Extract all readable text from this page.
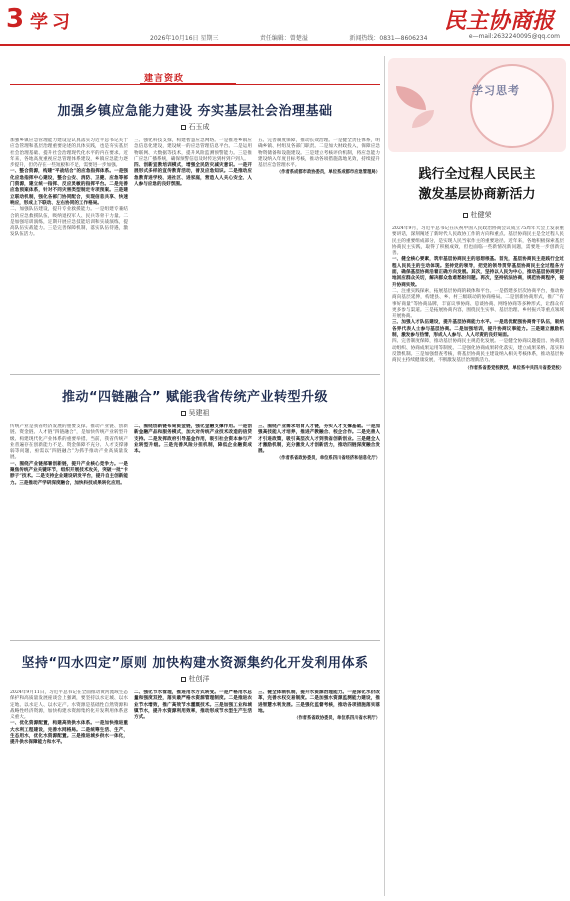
3 学习	民主协商报
2026年10月16日 星期三	责任编辑：曾楚溢	新闻热线：0831—8606234	e—mail:2632240095@qq.com
建言资政
加强乡镇应急能力建设 夯实基层社会治理基础
石玉成
加强乡镇应急管理能力建设是认真落实习近平总书记关于应急管理和基层治理重要论述的具体实践，也是夯实基层社会治理基础、提升社会治理现代化水平的内在要求。近年来，各地高度重视应急管理体系建设，乡镇应急能力逐步提升，但仍存在一些短板和不足，需要进一步加强。
一、整合资源，构建“平战结合”的应急指挥体系。一是强化应急指挥中心建设，整合公安、消防、卫健、应急等部门资源，建立统一指挥、反应灵敏的指挥平台。二是完善应急预案体系，针对不同灾害类型制定专项预案。三是建立联动机制，强化各部门协同配合，实现信息共享、快速响应，形成上下联动、左右协同的工作格局。
二、加强队伍建设，提升专业救援能力。一是组建专兼结合的应急救援队伍，吸纳退役军人、民兵等骨干力量。二是加强培训演练，定期开展应急技能培训和实战演练，提高队伍实战能力。三是完善保障机制，落实队伍待遇，激发队伍活力。
三、强化科技支撑，构建智慧应急网络。一是推进乡镇应急信息化建设，建设统一的应急管理信息平台。二是运用物联网、大数据等技术，提升风险监测预警能力。三是推广应急广播系统，确保预警信息及时传达到村到户到人。
四、创新宣教培训模式，增强全民防灾减灾意识。一是开展形式多样的宣传教育活动，普及应急知识。二是推动应急教育进学校、进社区、进家庭，营造人人关心安全、人人参与应急的良好氛围。
五、完善制度保障，推动长效治理。一是健全责任体系，明确乡镇、村组及各部门职责。二是加大财政投入，保障应急物资储备和设施建设。三是建立考核评价机制，将应急能力建设纳入年度目标考核，推动各项措施落地见效，持续提升基层应急管理水平。
（作者系成都市政协委员，单位系成都市应急管理局）
推动“四链融合” 赋能我省传统产业转型升级
吴建祖
传统产业是我省经济发展的重要支撑。推动产业链、创新链、资金链、人才链“四链融合”，是加快传统产业转型升级、构建现代化产业体系的重要举措。当前，我省传统产业普遍存在创新能力不足、资金保障不充分、人才支撑薄弱等问题，亟需以“四链融合”为抓手推动产业高质量发展。
一、围绕产业链部署创新链，提升产业核心竞争力。一是聚焦传统产业关键环节，组织开展技术攻关，突破一批“卡脖子”技术。二是支持企业建设研发平台，提升自主创新能力。三是推动产学研深度融合，加快科技成果转化应用。
二、围绕创新链布局资金链，强化金融支撑作用。一是创新金融产品和服务模式，加大对传统产业技术改造的信贷支持。二是发挥政府引导基金作用，吸引社会资本参与产业转型升级。三是完善风险分担机制，降低企业融资成本。
三、围绕产业需求培育人才链，夯实人才支撑基础。一是加强高技能人才培养，推进产教融合、校企合作。二是完善人才引进政策，吸引高层次人才到我省创新创业。三是健全人才激励机制，充分激发人才创新活力，推动四链深度融合发展。
（作者系省政协委员，单位系四川省经济和信息化厅）
坚持“四水四定”原则 加快构建水资源集约化开发利用体系
杜创洋
2024年9月11日，习近平总书记在全面推动黄河流域生态保护和高质量发展座谈会上强调，要坚持以水定城、以水定地、以水定人、以水定产。水资源是基础性自然资源和战略性经济资源，加快构建水资源集约化开发利用体系意义重大。
一、优化资源配置，构建高效供水体系。一是加快推进重大水利工程建设，完善水网格局。二是统筹生活、生产、生态用水，优化水资源配置。三是推进城乡供水一体化，提升供水保障能力和水平。
二、强化节水管理，推进用水方式转变。一是严格用水总量和强度双控，落实最严格水资源管理制度。二是推进农业节水增效，推广高效节水灌溉技术。三是加强工业和城镇节水，提升水资源利用效率，推动形成节水型生产生活方式。
三、健全体制机制，提升水资源治理能力。一是深化水价改革，完善水权交易制度。二是加强水资源监测能力建设，推进智慧水利发展。三是强化监督考核，推动各项措施落实落地。
（作者系省政协委员，单位系四川省水利厅）
学习思考
践行全过程人民民主
激发基层协商新活力
杜健荣
2024年9月，习近平总书记在庆祝中国人民政治协商会议成立75周年大会上发表重要讲话，深刻阐述了新时代人民政协工作的方向和重点。基层协商民主是全过程人民民主的重要组成部分，是实现人民当家作主的重要途径。近年来，各地积极探索基层协商民主实践，取得了积极成效，但也面临一些新情况新问题，需要进一步创新完善。
一、健全核心要素，筑牢基层协商民主的思想根基。首先，基层协商民主是践行全过程人民民主的生动体现。坚持党的领导，把党的领导贯穿基层协商民主全过程各方面，确保基层协商沿着正确方向发展。其次，坚持以人民为中心，推动基层协商更好地回应群众关切，解决群众急难愁盼问题。再次，坚持依法协商，规范协商程序，提升协商实效。
二、注重实践探索，拓展基层协商的载体和平台。一是搭建多层次协商平台，推动协商向基层延伸，构建县、乡、村三级联动的协商格局。二是创新协商形式，推广“有事好商量”等协商品牌，丰富议事协商、恳谈协商、网络协商等多种形式，让群众有更多参与渠道。三是拓展协商内容，围绕民生实事、基层治理、乡村振兴等重点领域开展协商。
三、加强人才队伍建设，提升基层协商能力水平。一是选优配强协商骨干队伍，吸纳各界代表人士参与基层协商。二是加强培训，提升协商议事能力。三是建立激励机制，激发参与热情，形成人人参与、人人尽责的良好局面。
四、完善制度保障，推动基层协商民主规范化发展。一是健全协商议题提出、协商活动组织、协商成果运用等制度。二是强化协商成果转化落实，建立成果采纳、落实和反馈机制。三是加强督查考核，将基层协商民主建设纳入相关考核体系，推动基层协商民主持续健康发展，不断激发基层治理新活力。
（作者系省委党校教授，单位系中共四川省委党校）
